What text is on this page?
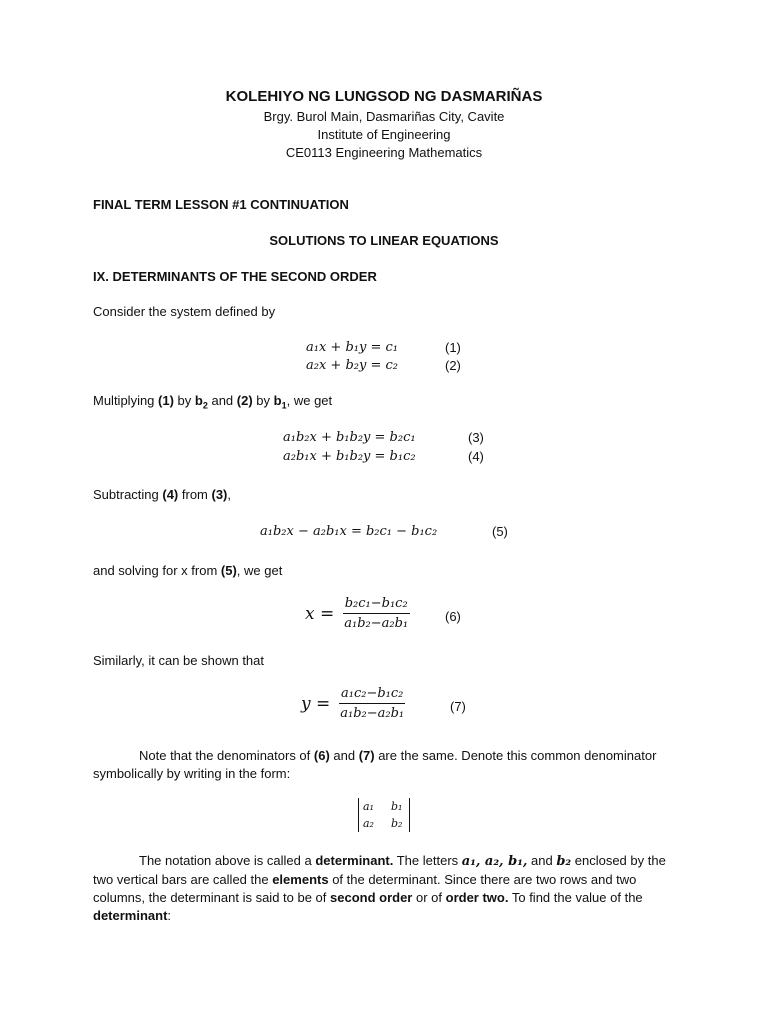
KOLEHIYO NG LUNGSOD NG DASMARIÑAS
Brgy. Burol Main, Dasmariñas City, Cavite
Institute of Engineering
CE0113 Engineering Mathematics
FINAL TERM LESSON #1 CONTINUATION
SOLUTIONS TO LINEAR EQUATIONS
IX. DETERMINANTS OF THE SECOND ORDER
Consider the system defined by
a₁x + b₁y = c₁	(1)
a₂x + b₂y = c₂	(2)
Multiplying (1) by $b_2$ and (2) by $b_1$, we get
a₁b₂x + b₁b₂y = b₂c₁	(3)
a₂b₁x + b₁b₂y = b₁c₂	(4)
Subtracting (4) from (3),
a₁b₂x − a₂b₁x = b₂c₁ − b₁c₂	(5)
and solving for x from (5), we get
$x = \frac{\text{b₂c₁−b₁c₂}}{\text{a₁b₂−a₂b₁}}$	(6)
Similarly, it can be shown that
$y = \frac{\text{a₁c₂−b₁c₂}}{\text{a₁b₂−a₂b₁}}$	(7)
Note that the denominators of (6) and (7) are the same. Denote this common denominator symbolically by writing in the form:
a₁ b₁
a₂ b₂
The notation above is called a determinant. The letters a₁, a₂, b₁, and b₂ enclosed by the two vertical bars are called the elements of the determinant. Since there are two rows and two columns, the determinant is said to be of second order or of order two. To find the value of the determinant:
